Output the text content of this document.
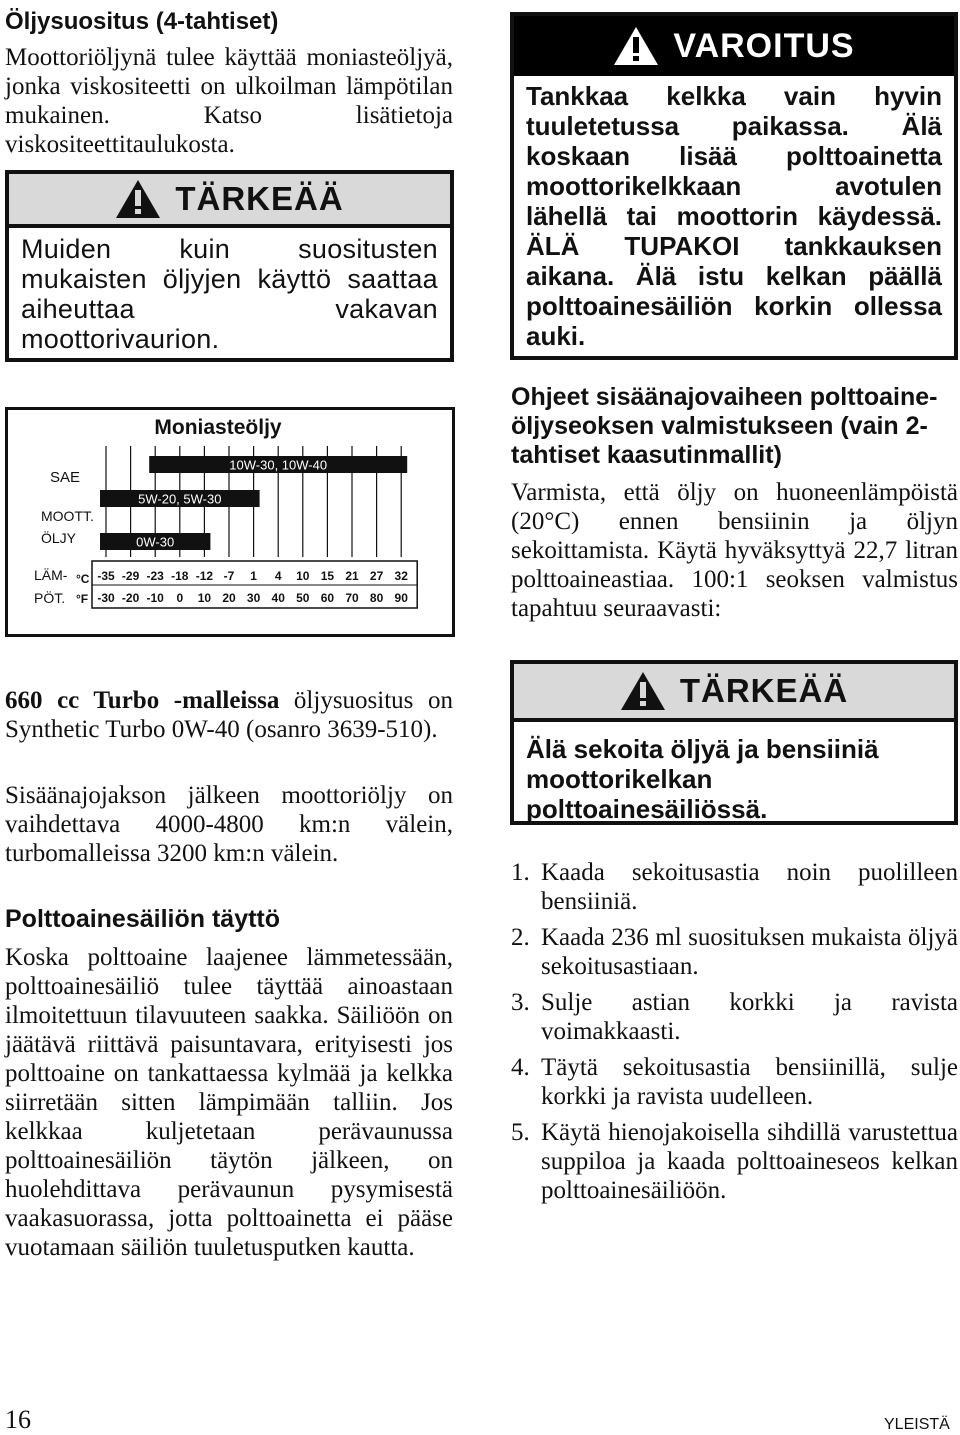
Öljysuositus (4-tahtiset)

Moottoriöljynä tulee käyttää moniasteöljyä, jonka viskositeetti on ulkoilman lämpötilan mukainen. Katso lisätietoja viskositeettitaulukosta.

TÄRKEÄÄ
Muiden kuin suositusten mukaisten öljyjen käyttö saattaa aiheuttaa vakavan moottorivaurion.
Moniasteöljy
SAE
MOOTT.
ÖLJY
LÄM-
PÖT.
°C
°F
10W-30, 10W-40
5W-20, 5W-30
0W-30
-35 -29 -23 -18 -12 -7 1 4 10 15 21 27 32
-30 -20 -10 0 10 20 30 40 50 60 70 80 90

660 cc Turbo -malleissa öljysuositus on Synthetic Turbo 0W-40 (osanro 3639-510).

Sisäänajojakson jälkeen moottoriöljy on vaihdettava 4000-4800 km:n välein, turbomalleissa 3200 km:n välein.

Polttoainesäiliön täyttö

Koska polttoaine laajenee lämmetessään, polttoainesäiliö tulee täyttää ainoastaan ilmoitettuun tilavuuteen saakka. Säiliöön on jäätävä riittävä paisuntavara, erityisesti jos polttoaine on tankattaessa kylmää ja kelkka siirretään sitten lämpimään talliin. Jos kelkkaa kuljetetaan perävaunussa polttoainesäiliön täytön jälkeen, on huolehdittava perävaunun pysymisestä vaakasuorassa, jotta polttoainetta ei pääse vuotamaan säiliön tuuletusputken kautta.

VAROITUS
Tankkaa kelkka vain hyvin tuuletetussa paikassa. Älä koskaan lisää polttoainetta moottorikelkkaan avotulen lähellä tai moottorin käydessä. ÄLÄ TUPAKOI tankkauksen aikana. Älä istu kelkan päällä polttoainesäiliön korkin ollessa auki.
Ohjeet sisäänajovaiheen polttoaine-öljyseoksen valmistukseen (vain 2-tahtiset kaasutinmallit)

Varmista, että öljy on huoneenlämpöistä (20°C) ennen bensiinin ja öljyn sekoittamista. Käytä hyväksyttyä 22,7 litran polttoaineastiaa. 100:1 seoksen valmistus tapahtuu seuraavasti:

TÄRKEÄÄ
Älä sekoita öljyä ja bensiiniä moottorikelkan polttoainesäiliössä.
1. Kaada sekoitusastia noin puolilleen bensiiniä.
2. Kaada 236 ml suosituksen mukaista öljyä sekoitusastiaan.
3. Sulje astian korkki ja ravista voimakkaasti.
4. Täytä sekoitusastia bensiinillä, sulje korkki ja ravista uudelleen.
5. Käytä hienojakoisella sihdillä varustettua suppiloa ja kaada polttoaineseos kelkan polttoainesäiliöön.
16	YLEISTÄ
